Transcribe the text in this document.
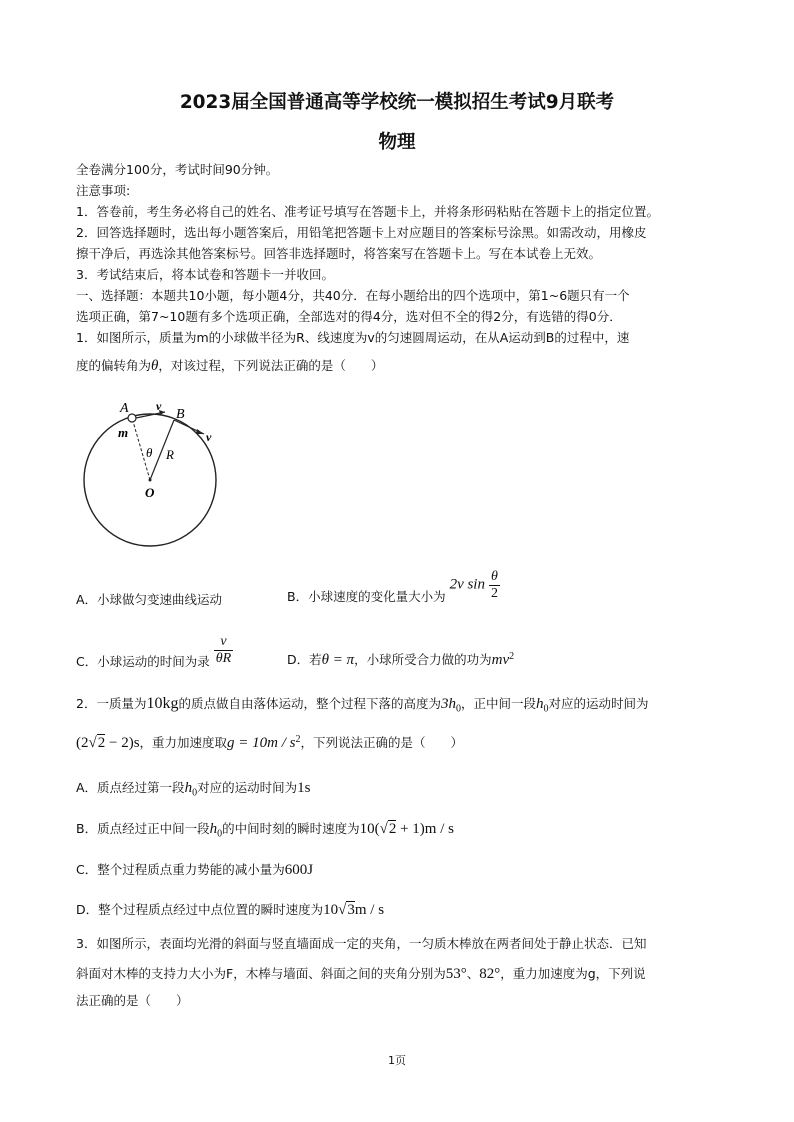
2023届全国普通高等学校统一模拟招生考试9月联考
物理
全卷满分100分，考试时间90分钟。
注意事项:
1．答卷前，考生务必将自己的姓名、准考证号填写在答题卡上，并将条形码粘贴在答题卡上的指定位置。
2．回答选择题时，选出每小题答案后，用铅笔把答题卡上对应题目的答案标号涂黑。如需改动，用橡皮
擦干净后，再选涂其他答案标号。回答非选择题时，将答案写在答题卡上。写在本试卷上无效。
3．考试结束后，将本试卷和答题卡一并收回。
一、选择题：本题共10小题，每小题4分，共40分．在每小题给出的四个选项中，第1~6题只有一个
选项正确，第7~10题有多个选项正确，全部选对的得4分，选对但不全的得2分，有选错的得0分．
1．如图所示，质量为m的小球做半径为R、线速度为v的匀速圆周运动，在从A运动到B的过程中，速
度的偏转角为θ，对该过程，下列说法正确的是（　　）
A	B
v
v
m
θ R
O
A．小球做匀变速曲线运动	B．小球速度的变化量大小为 2v $\sin \frac{\theta}{2}$
C．小球运动的时间为录 $\frac{v}{\theta R}$	D．若θ = π，小球所受合力做的功为$mv^2$
2．一质量为10kg的质点做自由落体运动，整个过程下落的高度为$3h_0$，正中间一段$h_0$对应的运动时间为
(2√2 − 2)s，重力加速度取$g = 10m / s^2$，下列说法正确的是（　　）
A．质点经过第一段$h_0$对应的运动时间为1s
B．质点经过正中间一段$h_0$的中间时刻的瞬时速度为10(√2 + 1)m / s
C．整个过程质点重力势能的减小量为600J
D．整个过程质点经过中点位置的瞬时速度为10√3m / s
3．如图所示，表面均光滑的斜面与竖直墙面成一定的夹角，一匀质木棒放在两者间处于静止状态．已知
斜面对木棒的支持力大小为F，木棒与墙面、斜面之间的夹角分别为53°、82°，重力加速度为g，下列说
法正确的是（　　）
1页
